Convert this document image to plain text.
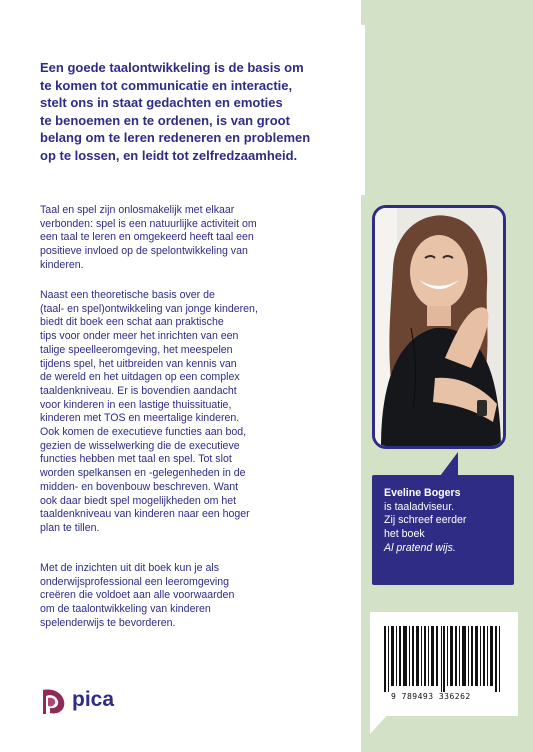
Een goede taalontwikkeling is de basis om
te komen tot communicatie en interactie,
stelt ons in staat gedachten en emoties
te benoemen en te ordenen, is van groot
belang om te leren redeneren en problemen
op te lossen, en leidt tot zelfredzaamheid.

Taal en spel zijn onlosmakelijk met elkaar
verbonden: spel is een natuurlijke activiteit om
een taal te leren en omgekeerd heeft taal een
positieve invloed op de spelontwikkeling van
kinderen.

Naast een theoretische basis over de
(taal- en spel)ontwikkeling van jonge kinderen,
biedt dit boek een schat aan praktische
tips voor onder meer het inrichten van een
talige speelleeromgeving, het meespelen
tijdens spel, het uitbreiden van kennis van
de wereld en het uitdagen op een complex
taaldenkniveau. Er is bovendien aandacht
voor kinderen in een lastige thuissituatie,
kinderen met TOS en meertalige kinderen.
Ook komen de executieve functies aan bod,
gezien de wisselwerking die de executieve
functies hebben met taal en spel. Tot slot
worden spelkansen en -gelegenheden in de
midden- en bovenbouw beschreven. Want
ook daar biedt spel mogelijkheden om het
taaldenkniveau van kinderen naar een hoger
plan te tillen.

Met de inzichten uit dit boek kun je als
onderwijsprofessional een leeromgeving
creëren die voldoet aan alle voorwaarden
om de taalontwikkeling van kinderen
spelenderwijs te bevorderen.

Eveline Bogers
is taaladviseur.
Zij schreef eerder
het boek
Al pratend wijs.

9 789493 336262
pica
